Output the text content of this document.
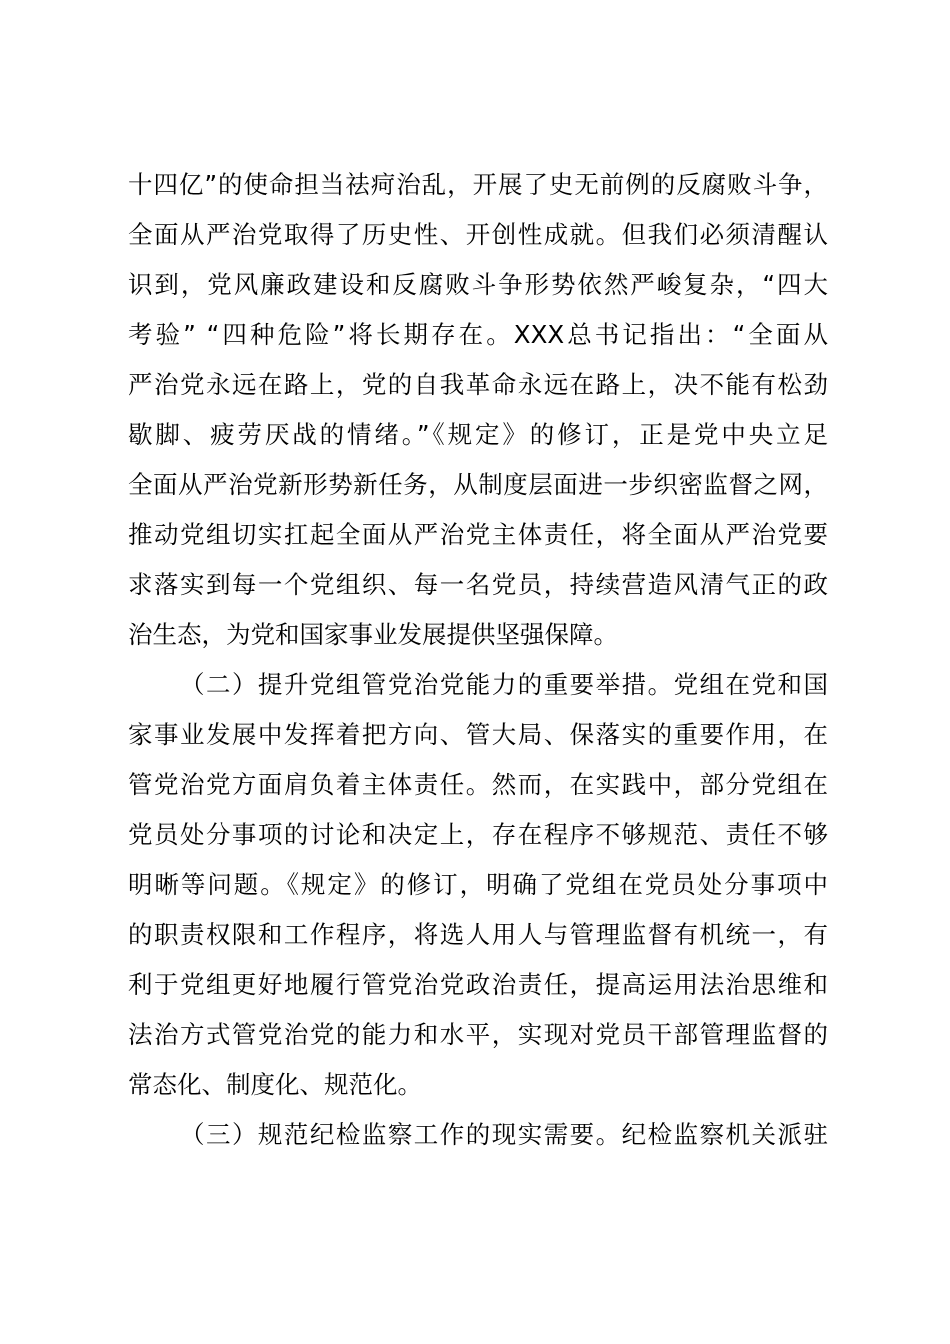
十四亿”的使命担当祛疴治乱，开展了史无前例的反腐败斗争，
全面从严治党取得了历史性、开创性成就。但我们必须清醒认
识到，党风廉政建设和反腐败斗争形势依然严峻复杂，“四大
考验” “四种危险”将长期存在。XXX总书记指出：“全面从
严治党永远在路上，党的自我革命永远在路上，决不能有松劲
歇脚、疲劳厌战的情绪。”《规定》的修订，正是党中央立足
全面从严治党新形势新任务，从制度层面进一步织密监督之网，
推动党组切实扛起全面从严治党主体责任，将全面从严治党要
求落实到每一个党组织、每一名党员，持续营造风清气正的政
治生态，为党和国家事业发展提供坚强保障。
（二）提升党组管党治党能力的重要举措。党组在党和国
家事业发展中发挥着把方向、管大局、保落实的重要作用，在
管党治党方面肩负着主体责任。然而，在实践中，部分党组在
党员处分事项的讨论和决定上，存在程序不够规范、责任不够
明晰等问题。《规定》的修订，明确了党组在党员处分事项中
的职责权限和工作程序，将选人用人与管理监督有机统一，有
利于党组更好地履行管党治党政治责任，提高运用法治思维和
法治方式管党治党的能力和水平，实现对党员干部管理监督的
常态化、制度化、规范化。
（三）规范纪检监察工作的现实需要。纪检监察机关派驻
